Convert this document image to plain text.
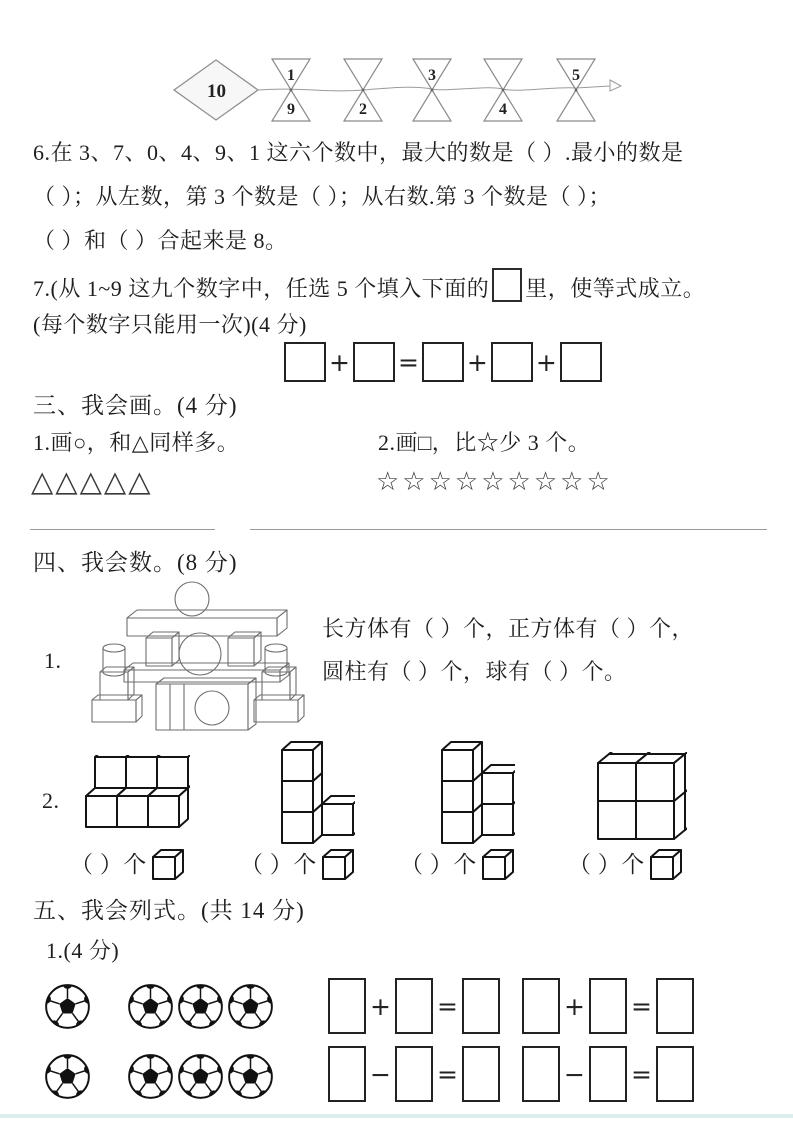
10
1
9	2
3
4
5
6.在 3、7、0、4、9、1 这六个数中，最大的数是（ ）.最小的数是
（ ）；从左数，第 3 个数是（ ）；从右数.第 3 个数是（ ）；
（ ）和（ ）合起来是 8。
7.(从 1~9 这九个数字中，任选 5 个填入下面的 里，使等式成立。
(每个数字只能用一次)(4 分)
+ = + +
三、我会画。(4 分)
1.画○，和△同样多。	2.画□，比☆少 3 个。
△△△△△	☆☆☆☆☆☆☆☆☆
四、我会数。(8 分)
1.
长方体有（ ）个，正方体有（ ）个，
圆柱有（ ）个，球有（ ）个。
2.
（ ）个	（ ）个	（ ）个	（ ）个
五、我会列式。(共 14 分)
1.(4 分)
+ =
− =
+ =
− =
